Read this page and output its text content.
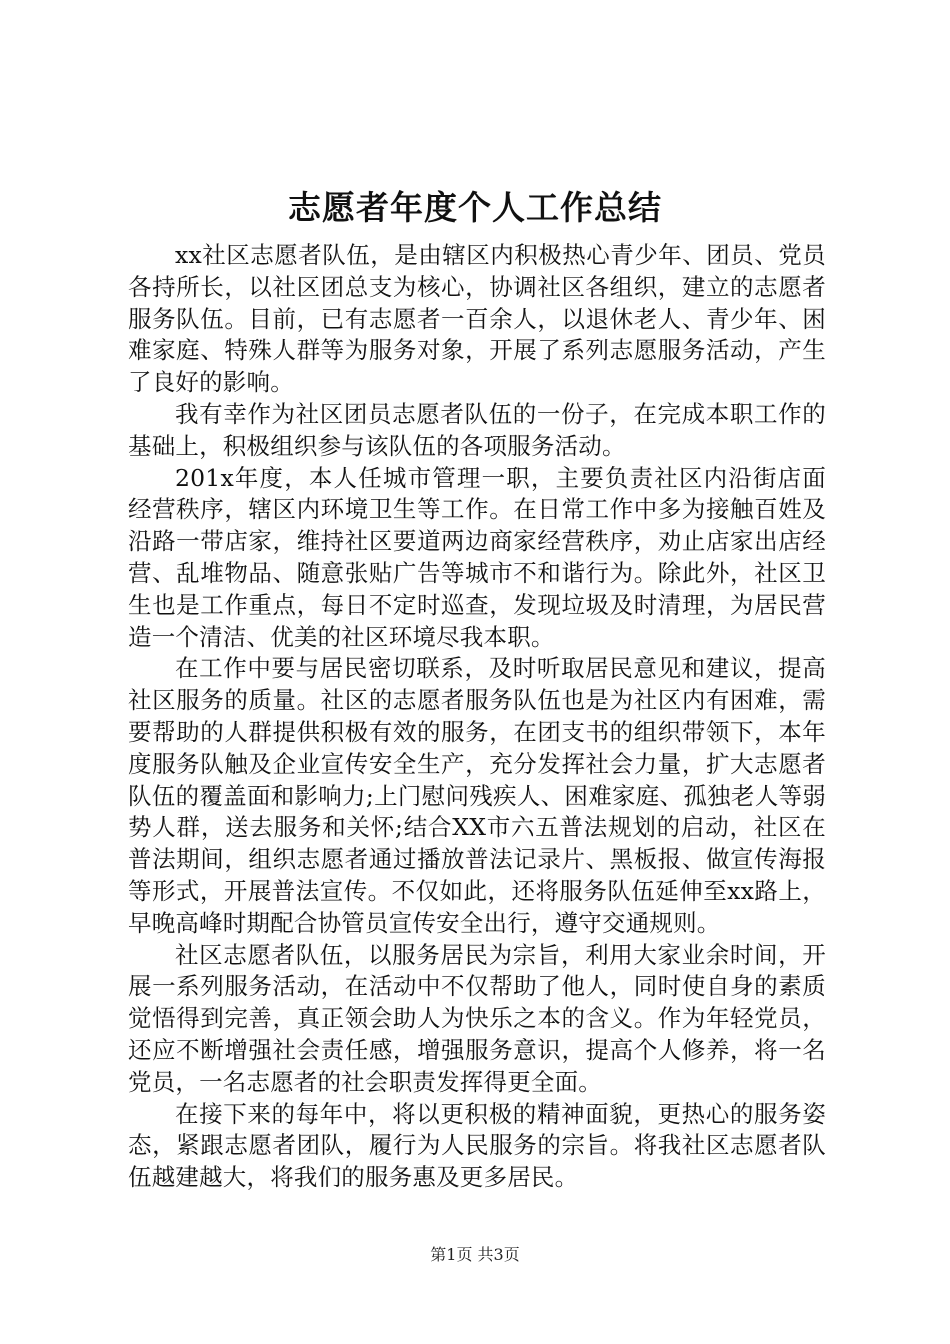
志愿者年度个人工作总结

xx社区志愿者队伍，是由辖区内积极热心青少年、团员、党员各持所长，以社区团总支为核心，协调社区各组织，建立的志愿者服务队伍。目前，已有志愿者一百余人，以退休老人、青少年、困难家庭、特殊人群等为服务对象，开展了系列志愿服务活动，产生了良好的影响。

我有幸作为社区团员志愿者队伍的一份子，在完成本职工作的基础上，积极组织参与该队伍的各项服务活动。

201x年度，本人任城市管理一职，主要负责社区内沿街店面经营秩序，辖区内环境卫生等工作。在日常工作中多为接触百姓及沿路一带店家，维持社区要道两边商家经营秩序，劝止店家出店经营、乱堆物品、随意张贴广告等城市不和谐行为。除此外，社区卫生也是工作重点，每日不定时巡查，发现垃圾及时清理，为居民营造一个清洁、优美的社区环境尽我本职。

在工作中要与居民密切联系，及时听取居民意见和建议，提高社区服务的质量。社区的志愿者服务队伍也是为社区内有困难，需要帮助的人群提供积极有效的服务，在团支书的组织带领下，本年度服务队触及企业宣传安全生产，充分发挥社会力量，扩大志愿者队伍的覆盖面和影响力;上门慰问残疾人、困难家庭、孤独老人等弱势人群，送去服务和关怀;结合XX市六五普法规划的启动，社区在普法期间，组织志愿者通过播放普法记录片、黑板报、做宣传海报等形式，开展普法宣传。不仅如此，还将服务队伍延伸至xx路上，早晚高峰时期配合协管员宣传安全出行，遵守交通规则。

社区志愿者队伍，以服务居民为宗旨，利用大家业余时间，开展一系列服务活动，在活动中不仅帮助了他人，同时使自身的素质觉悟得到完善，真正领会助人为快乐之本的含义。作为年轻党员，还应不断增强社会责任感，增强服务意识，提高个人修养，将一名党员，一名志愿者的社会职责发挥得更全面。

在接下来的每年中，将以更积极的精神面貌，更热心的服务姿态，紧跟志愿者团队，履行为人民服务的宗旨。将我社区志愿者队伍越建越大，将我们的服务惠及更多居民。

第1页 共3页
